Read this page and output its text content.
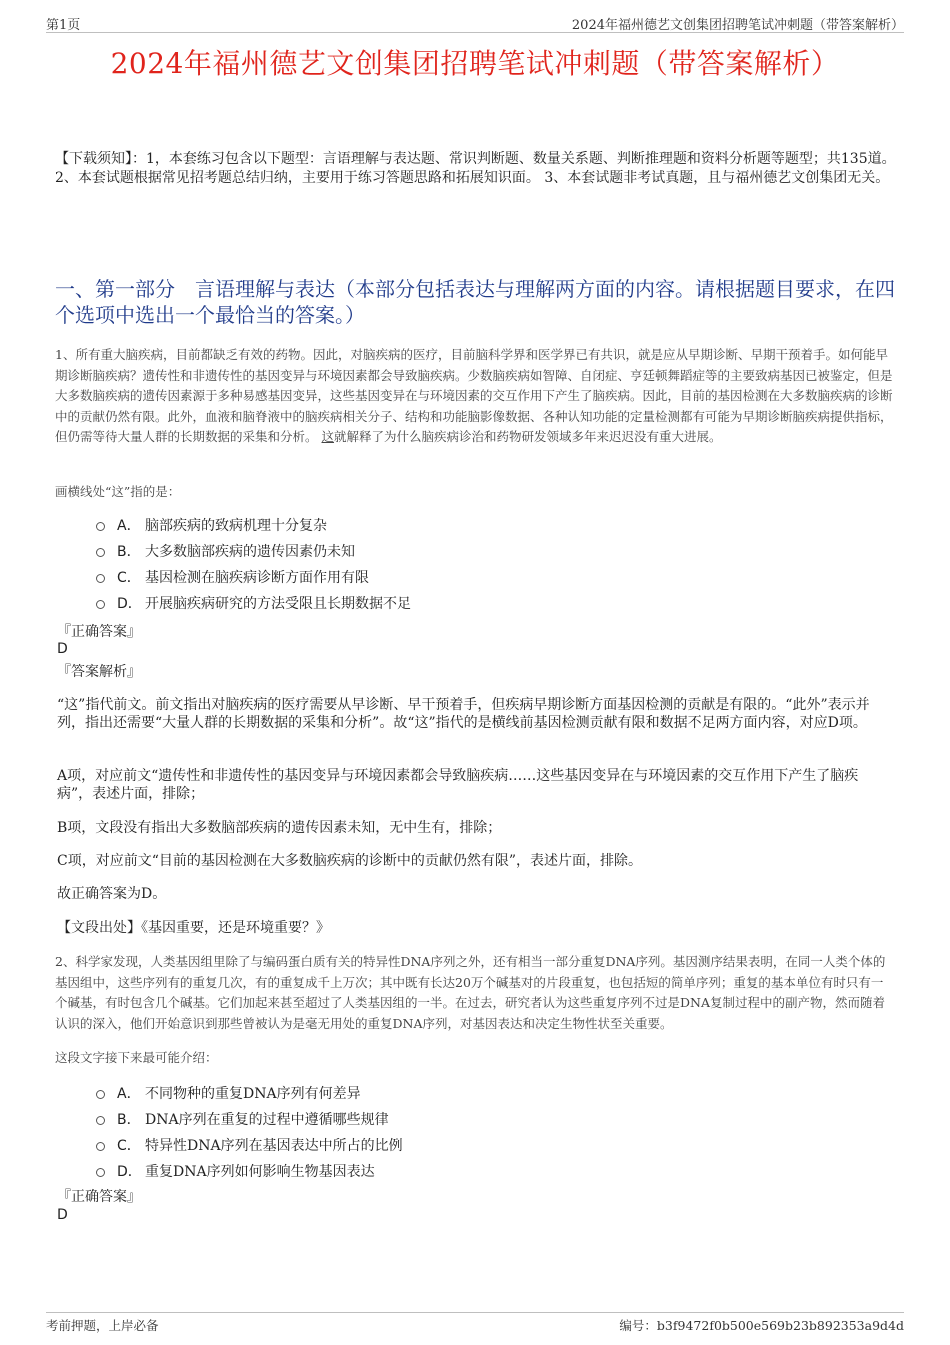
第1页	2024年福州德艺文创集团招聘笔试冲刺题（带答案解析）
2024年福州德艺文创集团招聘笔试冲刺题（带答案解析）
【下载须知】：1，本套练习包含以下题型：言语理解与表达题、常识判断题、数量关系题、判断推理题和资料分析题等题型；共135道。 2、本套试题根据常见招考题总结归纳，主要用于练习答题思路和拓展知识面。 3、本套试题非考试真题，且与福州德艺文创集团无关。
一、第一部分　言语理解与表达（本部分包括表达与理解两方面的内容。请根据题目要求，在四个选项中选出一个最恰当的答案。）
1、所有重大脑疾病，目前都缺乏有效的药物。因此，对脑疾病的医疗，目前脑科学界和医学界已有共识，就是应从早期诊断、早期干预着手。如何能早期诊断脑疾病？遗传性和非遗传性的基因变异与环境因素都会导致脑疾病。少数脑疾病如智障、自闭症、亨廷顿舞蹈症等的主要致病基因已被鉴定，但是大多数脑疾病的遗传因素源于多种易感基因变异，这些基因变异在与环境因素的交互作用下产生了脑疾病。因此，目前的基因检测在大多数脑疾病的诊断中的贡献仍然有限。此外，血液和脑脊液中的脑疾病相关分子、结构和功能脑影像数据、各种认知功能的定量检测都有可能为早期诊断脑疾病提供指标，但仍需等待大量人群的长期数据的采集和分析。 这就解释了为什么脑疾病诊治和药物研发领域多年来迟迟没有重大进展。
画横线处“这”指的是：
A． 脑部疾病的致病机理十分复杂
B． 大多数脑部疾病的遗传因素仍未知
C． 基因检测在脑疾病诊断方面作用有限
D． 开展脑疾病研究的方法受限且长期数据不足
『正确答案』
D
『答案解析』
“这”指代前文。前文指出对脑疾病的医疗需要从早诊断、早干预着手，但疾病早期诊断方面基因检测的贡献是有限的。“此外”表示并列，指出还需要“大量人群的长期数据的采集和分析”。故“这”指代的是横线前基因检测贡献有限和数据不足两方面内容，对应D项。
A项，对应前文“遗传性和非遗传性的基因变异与环境因素都会导致脑疾病……这些基因变异在与环境因素的交互作用下产生了脑疾病”，表述片面，排除；
B项，文段没有指出大多数脑部疾病的遗传因素未知，无中生有，排除；
C项，对应前文“目前的基因检测在大多数脑疾病的诊断中的贡献仍然有限”，表述片面，排除。
故正确答案为D。
【文段出处】《基因重要，还是环境重要？》
2、科学家发现，人类基因组里除了与编码蛋白质有关的特异性DNA序列之外，还有相当一部分重复DNA序列。基因测序结果表明，在同一人类个体的基因组中，这些序列有的重复几次，有的重复成千上万次；其中既有长达20万个碱基对的片段重复，也包括短的简单序列；重复的基本单位有时只有一个碱基，有时包含几个碱基。它们加起来甚至超过了人类基因组的一半。在过去，研究者认为这些重复序列不过是DNA复制过程中的副产物，然而随着认识的深入，他们开始意识到那些曾被认为是毫无用处的重复DNA序列，对基因表达和决定生物性状至关重要。
这段文字接下来最可能介绍：
A． 不同物种的重复DNA序列有何差异
B． DNA序列在重复的过程中遵循哪些规律
C． 特异性DNA序列在基因表达中所占的比例
D． 重复DNA序列如何影响生物基因表达
『正确答案』
D
考前押题，上岸必备	编号：b3f9472f0b500e569b23b892353a9d4d
